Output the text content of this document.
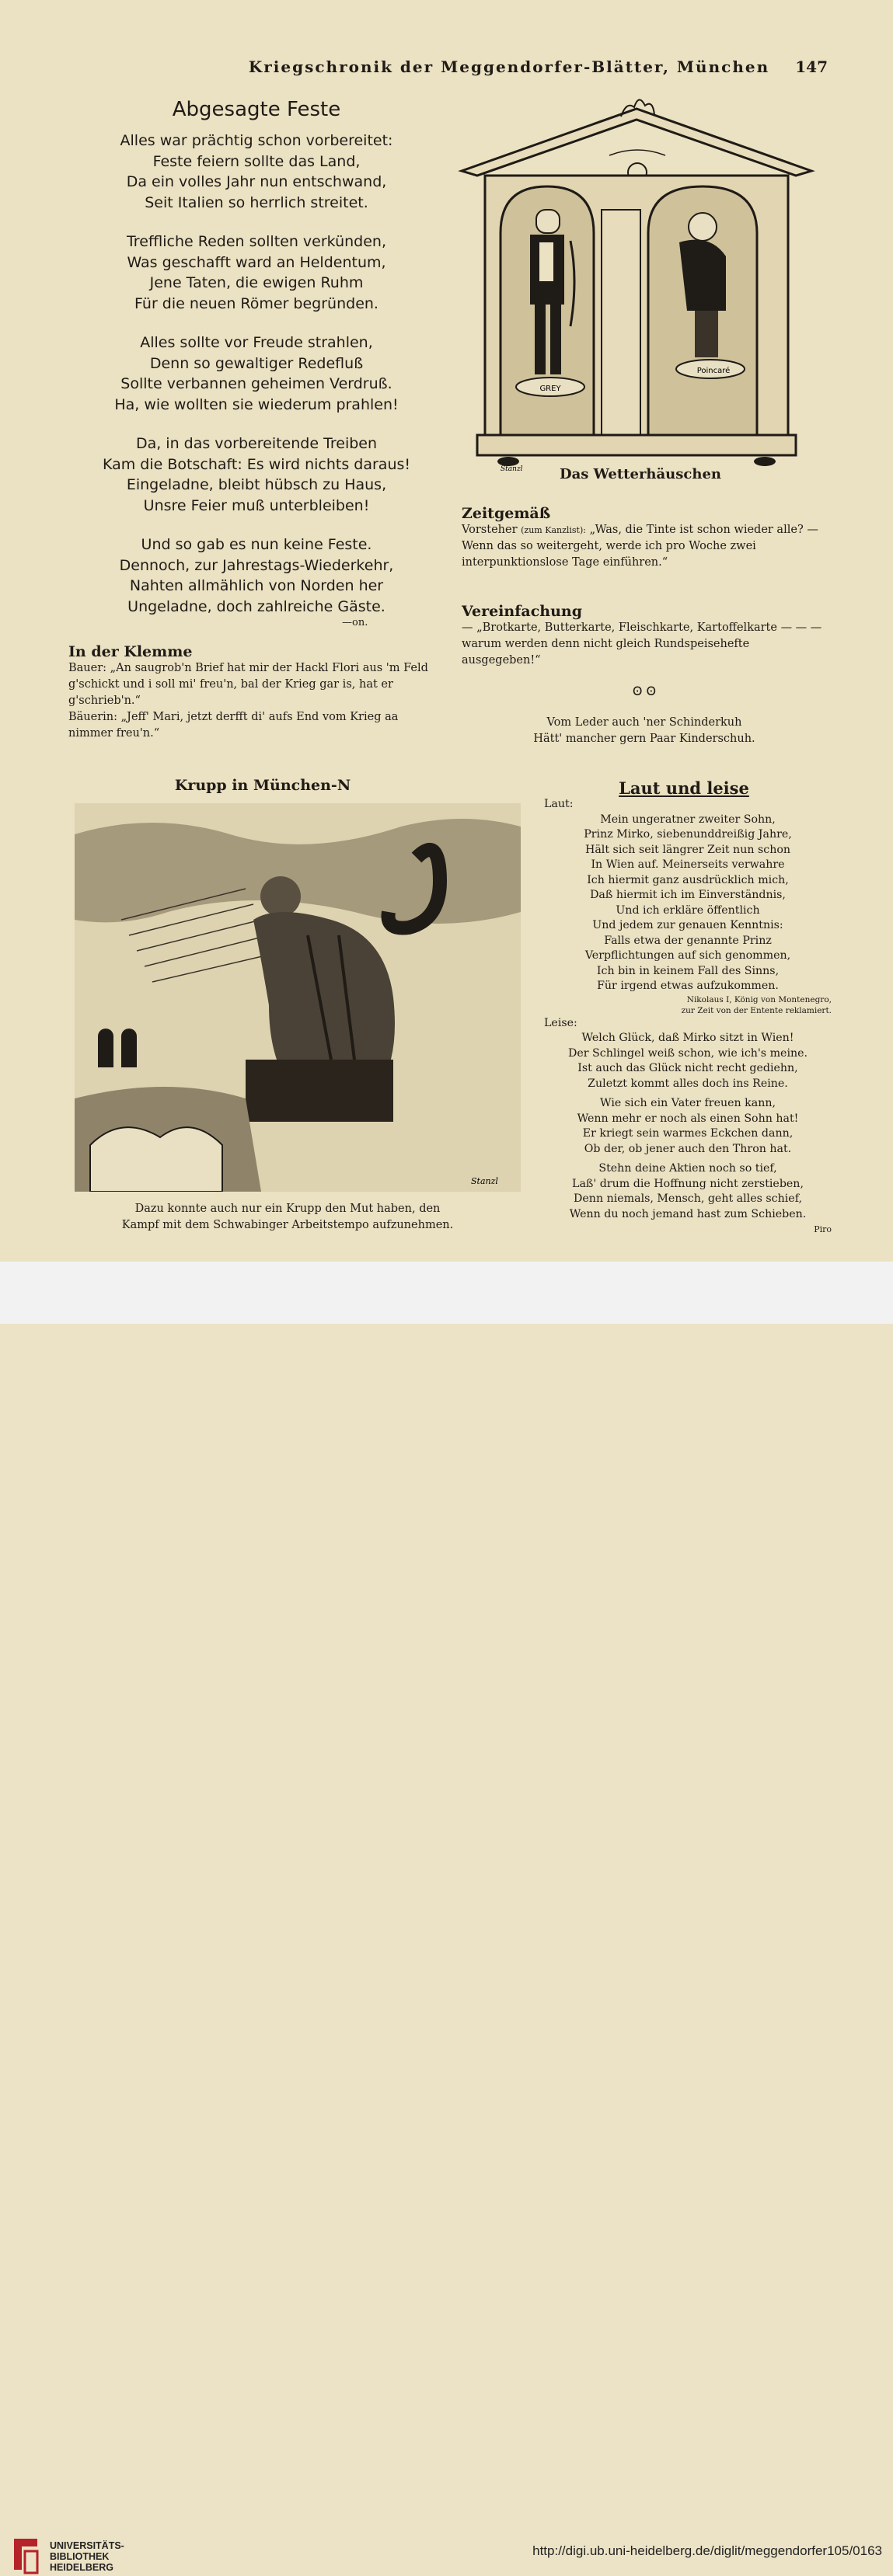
Kriegschronik der Meggendorfer-Blätter, München	147
Abgesagte Feste
Alles war prächtig schon vorbereitet:
Feste feiern sollte das Land,
Da ein volles Jahr nun entschwand,
Seit Italien so herrlich streitet.
Treffliche Reden sollten verkünden,
Was geschafft ward an Heldentum,
Jene Taten, die ewigen Ruhm
Für die neuen Römer begründen.
Alles sollte vor Freude strahlen,
Denn so gewaltiger Redefluß
Sollte verbannen geheimen Verdruß.
Ha, wie wollten sie wiederum prahlen!
Da, in das vorbereitende Treiben
Kam die Botschaft: Es wird nichts daraus!
Eingeladne, bleibt hübsch zu Haus,
Unsre Feier muß unterbleiben!
Und so gab es nun keine Feste.
Dennoch, zur Jahrestags-Wiederkehr,
Nahten allmählich von Norden her
Ungeladne, doch zahlreiche Gäste.
—on.
In der Klemme
Bauer: „An saugrob'n Brief hat mir der Hackl Flori aus 'm Feld g'schickt und i soll mi' freu'n, bal der Krieg gar is, hat er g'schrieb'n.“
Bäuerin: „Jeff' Mari, jetzt derfft di' aufs End vom Krieg aa nimmer freu'n.“
GREY
Poincaré
Stanzl	Das Wetterhäuschen
Zeitgemäß
Vorsteher (zum Kanzlist): „Was, die Tinte ist schon wieder alle? — Wenn das so weitergeht, werde ich pro Woche zwei interpunktionslose Tage einführen.“
Vereinfachung
— „Brotkarte, Butterkarte, Fleischkarte, Kartoffelkarte — — — warum werden denn nicht gleich Rundspeisehefte ausgegeben!“
Ꙩ Ꙩ
Vom Leder auch 'ner Schinderkuh
Hätt' mancher gern Paar Kinderschuh.
Krupp in München-N
Stanzl
Dazu konnte auch nur ein Krupp den Mut haben, den
Kampf mit dem Schwabinger Arbeitstempo aufzunehmen.
Laut und leise
Laut:
Mein ungeratner zweiter Sohn,
Prinz Mirko, siebenunddreißig Jahre,
Hält sich seit längrer Zeit nun schon
In Wien auf. Meinerseits verwahre
Ich hiermit ganz ausdrücklich mich,
Daß hiermit ich im Einverständnis,
Und ich erkläre öffentlich
Und jedem zur genauen Kenntnis:
Falls etwa der genannte Prinz
Verpflichtungen auf sich genommen,
Ich bin in keinem Fall des Sinns,
Für irgend etwas aufzukommen.
Nikolaus I, König von Montenegro,
zur Zeit von der Entente reklamiert.
Leise:
Welch Glück, daß Mirko sitzt in Wien!
Der Schlingel weiß schon, wie ich's meine.
Ist auch das Glück nicht recht gediehn,
Zuletzt kommt alles doch ins Reine.
Wie sich ein Vater freuen kann,
Wenn mehr er noch als einen Sohn hat!
Er kriegt sein warmes Eckchen dann,
Ob der, ob jener auch den Thron hat.
Stehn deine Aktien noch so tief,
Laß' drum die Hoffnung nicht zerstieben,
Denn niemals, Mensch, geht alles schief,
Wenn du noch jemand hast zum Schieben.
Piro
UNIVERSITÄTS-
BIBLIOTHEK
HEIDELBERG
http://digi.ub.uni-heidelberg.de/diglit/meggendorfer105/0163
